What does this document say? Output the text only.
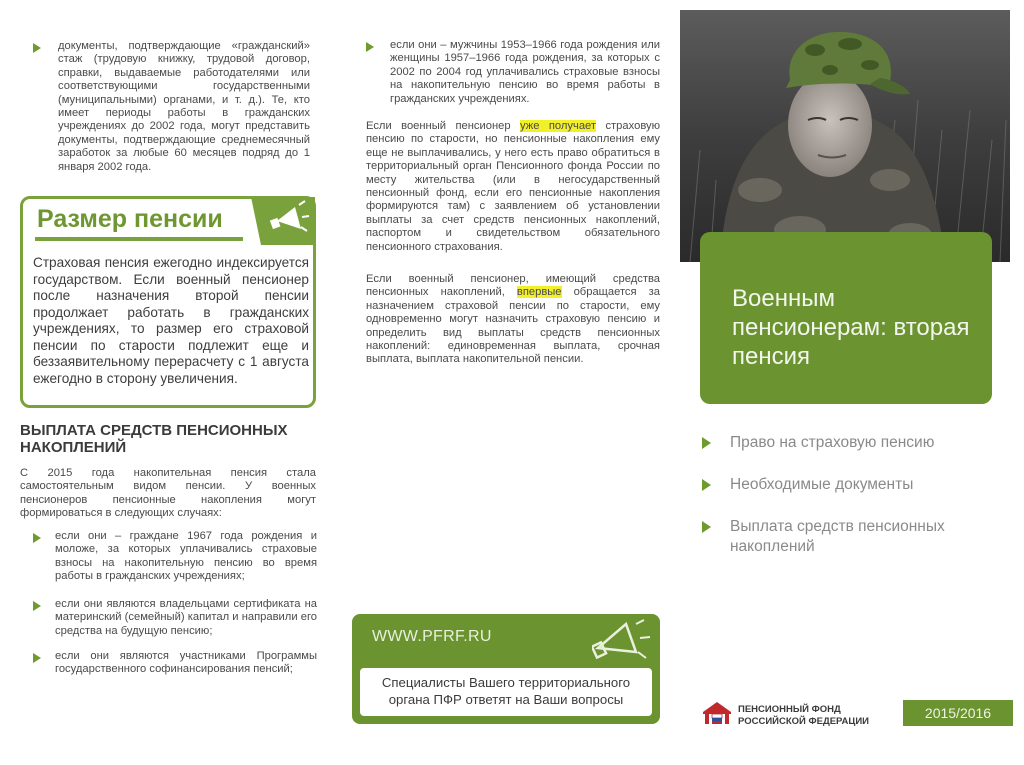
документы, подтверждающие «гражданский» стаж (трудовую книжку, трудовой договор, справки, выдаваемые работодателями или соответствующими государственными (муниципальными) органами, и т. д.). Те, кто имеет периоды работы в гражданских учреждениях до 2002 года, могут представить документы, подтверждающие среднемесячный заработок за любые 60 месяцев подряд до 1 января 2002 года.
Размер пенсии
Страховая пенсия ежегодно индексируется государством. Если военный пенсионер после назначения второй пенсии продолжает работать в гражданских учреждениях, то размер его страховой пенсии по старости подлежит еще и беззаявительному перерасчету с 1 августа ежегодно в сторону увеличения.
ВЫПЛАТА СРЕДСТВ ПЕНСИОННЫХ НАКОПЛЕНИЙ
С 2015 года накопительная пенсия стала самостоятельным видом пенсии. У военных пенсионеров пенсионные накопления могут формироваться в следующих случаях:
если они – граждане 1967 года рождения и моложе, за которых уплачивались страховые взносы на накопительную пенсию во время работы в гражданских учреждениях;
если они являются владельцами сертификата на материнский (семейный) капитал и направили его средства на будущую пенсию;
если они являются участниками Программы государственного софинансирования пенсий;
если они – мужчины 1953–1966 года рождения или женщины 1957–1966 года рождения, за которых с 2002 по 2004 год уплачивались страховые взносы на накопительную пенсию во время работы в гражданских учреждениях.
Если военный пенсионер уже получает страховую пенсию по старости, но пенсионные накопления ему еще не выплачивались, у него есть право обратиться в территориальный орган Пенсионного фонда России по месту жительства (или в негосударственный пенсионный фонд, если его пенсионные накопления формируются там) с заявлением об установлении выплаты за счет средств пенсионных накоплений, паспортом и свидетельством обязательного пенсионного страхования.
Если военный пенсионер, имеющий средства пенсионных накоплений, впервые обращается за назначением страховой пенсии по старости, ему одновременно могут назначить страховую пенсию и определить вид выплаты средств пенсионных накоплений: единовременная выплата, срочная выплата, выплата накопительной пенсии.
WWW.PFRF.RU
Специалисты Вашего территориального органа ПФР ответят на Ваши вопросы
Военным пенсионерам: вторая пенсия
Право на страховую пенсию
Необходимые документы
Выплата средств пенсионных накоплений
ПЕНСИОННЫЙ ФОНД
РОССИЙСКОЙ ФЕДЕРАЦИИ	2015/2016
